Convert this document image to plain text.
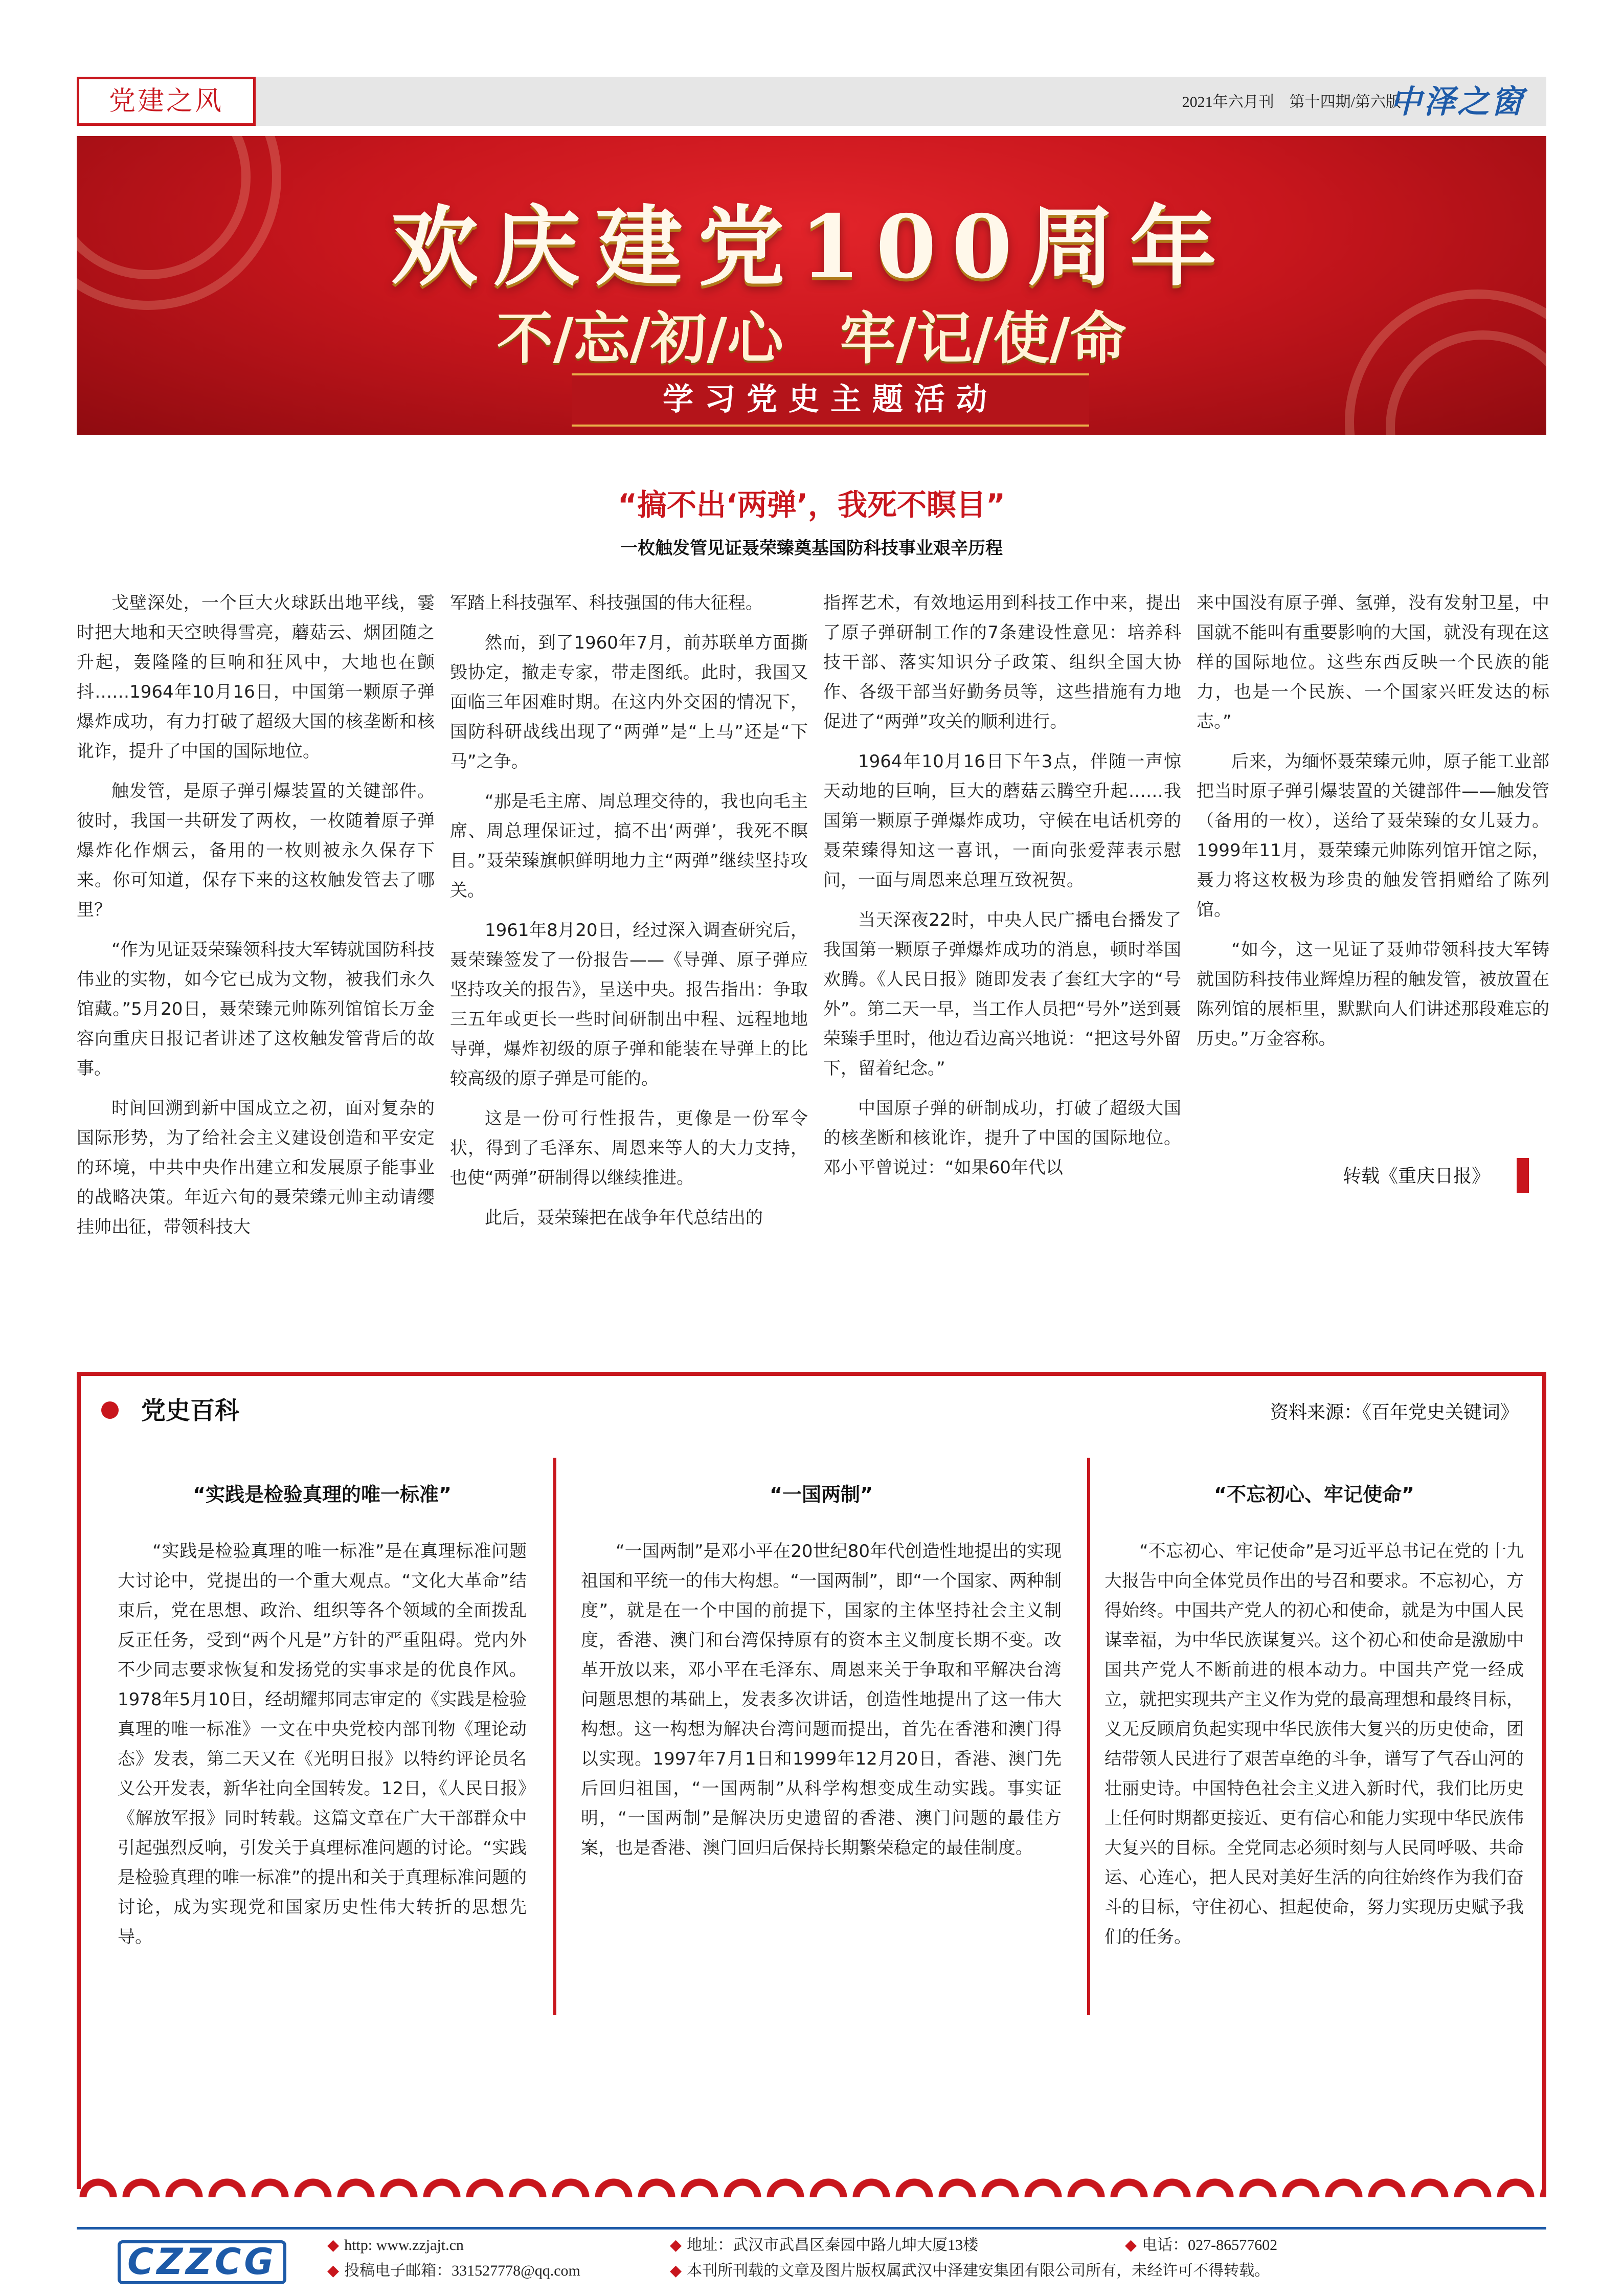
党建之风	2021年六月刊　第十四期/第六版
中泽之窗
欢庆建党100周年
不/忘/初/心　牢/记/使/命
学习党史主题活动
“搞不出‘两弹’，我死不瞑目”
一枚触发管见证聂荣臻奠基国防科技事业艰辛历程

戈壁深处，一个巨大火球跃出地平线，霎时把大地和天空映得雪亮，蘑菇云、烟团随之升起，轰隆隆的巨响和狂风中，大地也在颤抖……1964年10月16日，中国第一颗原子弹爆炸成功，有力打破了超级大国的核垄断和核讹诈，提升了中国的国际地位。

触发管，是原子弹引爆装置的关键部件。彼时，我国一共研发了两枚，一枚随着原子弹爆炸化作烟云，备用的一枚则被永久保存下来。你可知道，保存下来的这枚触发管去了哪里？

“作为见证聂荣臻领科技大军铸就国防科技伟业的实物，如今它已成为文物，被我们永久馆藏。”5月20日，聂荣臻元帅陈列馆馆长万金容向重庆日报记者讲述了这枚触发管背后的故事。

时间回溯到新中国成立之初，面对复杂的国际形势，为了给社会主义建设创造和平安定的环境，中共中央作出建立和发展原子能事业的战略决策。年近六旬的聂荣臻元帅主动请缨挂帅出征，带领科技大

军踏上科技强军、科技强国的伟大征程。

然而，到了1960年7月，前苏联单方面撕毁协定，撤走专家，带走图纸。此时，我国又面临三年困难时期。在这内外交困的情况下，国防科研战线出现了“两弹”是“上马”还是“下马”之争。

“那是毛主席、周总理交待的，我也向毛主席、周总理保证过，搞不出‘两弹’，我死不瞑目。”聂荣臻旗帜鲜明地力主“两弹”继续坚持攻关。

1961年8月20日，经过深入调查研究后，聂荣臻签发了一份报告——《导弹、原子弹应坚持攻关的报告》，呈送中央。报告指出：争取三五年或更长一些时间研制出中程、远程地地导弹，爆炸初级的原子弹和能装在导弹上的比较高级的原子弹是可能的。

这是一份可行性报告，更像是一份军令状，得到了毛泽东、周恩来等人的大力支持，也使“两弹”研制得以继续推进。

此后，聂荣臻把在战争年代总结出的

指挥艺术，有效地运用到科技工作中来，提出了原子弹研制工作的7条建设性意见：培养科技干部、落实知识分子政策、组织全国大协作、各级干部当好勤务员等，这些措施有力地促进了“两弹”攻关的顺利进行。

1964年10月16日下午3点，伴随一声惊天动地的巨响，巨大的蘑菇云腾空升起……我国第一颗原子弹爆炸成功，守候在电话机旁的聂荣臻得知这一喜讯，一面向张爱萍表示慰问，一面与周恩来总理互致祝贺。

当天深夜22时，中央人民广播电台播发了我国第一颗原子弹爆炸成功的消息，顿时举国欢腾。《人民日报》随即发表了套红大字的“号外”。第二天一早，当工作人员把“号外”送到聂荣臻手里时，他边看边高兴地说：“把这号外留下，留着纪念。”

中国原子弹的研制成功，打破了超级大国的核垄断和核讹诈，提升了中国的国际地位。邓小平曾说过：“如果60年代以

来中国没有原子弹、氢弹，没有发射卫星，中国就不能叫有重要影响的大国，就没有现在这样的国际地位。这些东西反映一个民族的能力，也是一个民族、一个国家兴旺发达的标志。”

后来，为缅怀聂荣臻元帅，原子能工业部把当时原子弹引爆装置的关键部件——触发管（备用的一枚），送给了聂荣臻的女儿聂力。1999年11月，聂荣臻元帅陈列馆开馆之际，聂力将这枚极为珍贵的触发管捐赠给了陈列馆。

“如今，这一见证了聂帅带领科技大军铸就国防科技伟业辉煌历程的触发管，被放置在陈列馆的展柜里，默默向人们讲述那段难忘的历史。”万金容称。

转载《重庆日报》
党史百科	资料来源：《百年党史关键词》
“实践是检验真理的唯一标准”

“实践是检验真理的唯一标准”是在真理标准问题大讨论中，党提出的一个重大观点。“文化大革命”结束后，党在思想、政治、组织等各个领域的全面拨乱反正任务，受到“两个凡是”方针的严重阻碍。党内外不少同志要求恢复和发扬党的实事求是的优良作风。1978年5月10日，经胡耀邦同志审定的《实践是检验真理的唯一标准》一文在中央党校内部刊物《理论动态》发表，第二天又在《光明日报》以特约评论员名义公开发表，新华社向全国转发。12日，《人民日报》《解放军报》同时转载。这篇文章在广大干部群众中引起强烈反响，引发关于真理标准问题的讨论。“实践是检验真理的唯一标准”的提出和关于真理标准问题的讨论，成为实现党和国家历史性伟大转折的思想先导。

“一国两制”

“一国两制”是邓小平在20世纪80年代创造性地提出的实现祖国和平统一的伟大构想。“一国两制”，即“一个国家、两种制度”，就是在一个中国的前提下，国家的主体坚持社会主义制度，香港、澳门和台湾保持原有的资本主义制度长期不变。改革开放以来，邓小平在毛泽东、周恩来关于争取和平解决台湾问题思想的基础上，发表多次讲话，创造性地提出了这一伟大构想。这一构想为解决台湾问题而提出，首先在香港和澳门得以实现。1997年7月1日和1999年12月20日，香港、澳门先后回归祖国，“一国两制”从科学构想变成生动实践。事实证明，“一国两制”是解决历史遗留的香港、澳门问题的最佳方案，也是香港、澳门回归后保持长期繁荣稳定的最佳制度。

“不忘初心、牢记使命”

“不忘初心、牢记使命”是习近平总书记在党的十九大报告中向全体党员作出的号召和要求。不忘初心，方得始终。中国共产党人的初心和使命，就是为中国人民谋幸福，为中华民族谋复兴。这个初心和使命是激励中国共产党人不断前进的根本动力。中国共产党一经成立，就把实现共产主义作为党的最高理想和最终目标，义无反顾肩负起实现中华民族伟大复兴的历史使命，团结带领人民进行了艰苦卓绝的斗争，谱写了气吞山河的壮丽史诗。中国特色社会主义进入新时代，我们比历史上任何时期都更接近、更有信心和能力实现中华民族伟大复兴的目标。全党同志必须时刻与人民同呼吸、共命运、心连心，把人民对美好生活的向往始终作为我们奋斗的目标，守住初心、担起使命，努力实现历史赋予我们的任务。

CZZCG	◆ http: www.zzjajt.cn
◆ 投稿电子邮箱：331527778@qq.com
◆ 地址：武汉市武昌区秦园中路九坤大厦13楼	◆ 电话：027-86577602
◆ 本刊所刊载的文章及图片版权属武汉中泽建安集团有限公司所有，未经许可不得转载。
